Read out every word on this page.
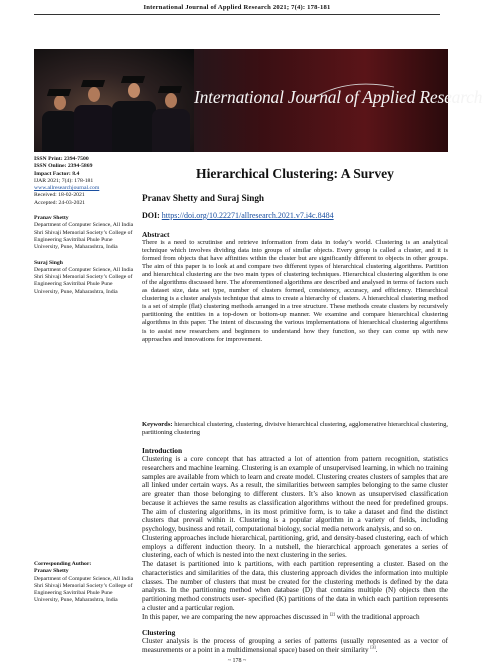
International Journal of Applied Research 2021; 7(4): 178-181
International Journal of Applied Research
ISSN Print: 2394-7500
ISSN Online: 2394-5869
Impact Factor: 8.4
IJAR 2021; 7(4): 178-181
www.allresearchjournal.com
Received: 18-02-2021
Accepted: 24-03-2021
Pranav Shetty
Department of Computer Science, All India Shri Shivaji Memorial Society’s College of Engineering Savitribai Phule Pune University, Pune, Maharashtra, India
Suraj Singh
Department of Computer Science, All India Shri Shivaji Memorial Society’s College of Engineering Savitribai Phule Pune University, Pune, Maharashtra, India
Corresponding Author:
Pranav Shetty
Department of Computer Science, All India Shri Shivaji Memorial Society’s College of Engineering Savitribai Phule Pune University, Pune, Maharashtra, India
Hierarchical Clustering: A Survey
Pranav Shetty and Suraj Singh
DOI: https://doi.org/10.22271/allresearch.2021.v7.i4c.8484
Abstract
There is a need to scrutinise and retrieve information from data in today’s world. Clustering is an analytical technique which involves dividing data into groups of similar objects. Every group is called a cluster, and it is formed from objects that have affinities within the cluster but are significantly different to objects in other groups. The aim of this paper is to look at and compare two different types of hierarchical clustering algorithms. Partition and hierarchical clustering are the two main types of clustering techniques. Hierarchical clustering algorithm is one of the algorithms discussed here. The aforementioned algorithms are described and analysed in terms of factors such as dataset size, data set type, number of clusters formed, consistency, accuracy, and efficiency. Hierarchical clustering is a cluster analysis technique that aims to create a hierarchy of clusters. A hierarchical clustering method is a set of simple (flat) clustering methods arranged in a tree structure. These methods create clusters by recursively partitioning the entities in a top-down or bottom-up manner. We examine and compare hierarchical clustering algorithms in this paper. The intent of discussing the various implementations of hierarchical clustering algorithms is to assist new researchers and beginners to understand how they function, so they can come up with new approaches and innovations for improvement.
Keywords: hierarchical clustering, clustering, divisive hierarchical clustering, agglomerative hierarchical clustering, partitioning clustering
Introduction

Clustering is a core concept that has attracted a lot of attention from pattern recognition, statistics researchers and machine learning. Clustering is an example of unsupervised learning, in which no training samples are available from which to learn and create model. Clustering creates clusters of samples that are all linked under certain ways. As a result, the similarities between samples belonging to the same cluster are greater than those belonging to different clusters. It’s also known as unsupervised classification because it achieves the same results as classification algorithms without the need for predefined groups. The aim of clustering algorithms, in its most primitive form, is to take a dataset and find the distinct clusters that prevail within it. Clustering is a popular algorithm in a variety of fields, including psychology, business and retail, computational biology, social media network analysis, and so on.

Clustering approaches include hierarchical, partitioning, grid, and density-based clustering, each of which employs a different induction theory. In a nutshell, the hierarchical approach generates a series of clustering, each of which is nested into the next clustering in the series.

The dataset is partitioned into k partitions, with each partition representing a cluster. Based on the characteristics and similarities of the data, this clustering approach divides the information into multiple classes. The number of clusters that must be created for the clustering methods is defined by the data analysts. In the partitioning method when database (D) that contains multiple (N) objects then the partitioning method constructs user- specified (K) partitions of the data in which each partition represents a cluster and a particular region.

In this paper, we are comparing the new approaches discussed in [2] with the traditional approach

Clustering

Cluster analysis is the process of grouping a series of patterns (usually represented as a vector of measurements or a point in a multidimensional space) based on their similarity [3].

~ 178 ~
